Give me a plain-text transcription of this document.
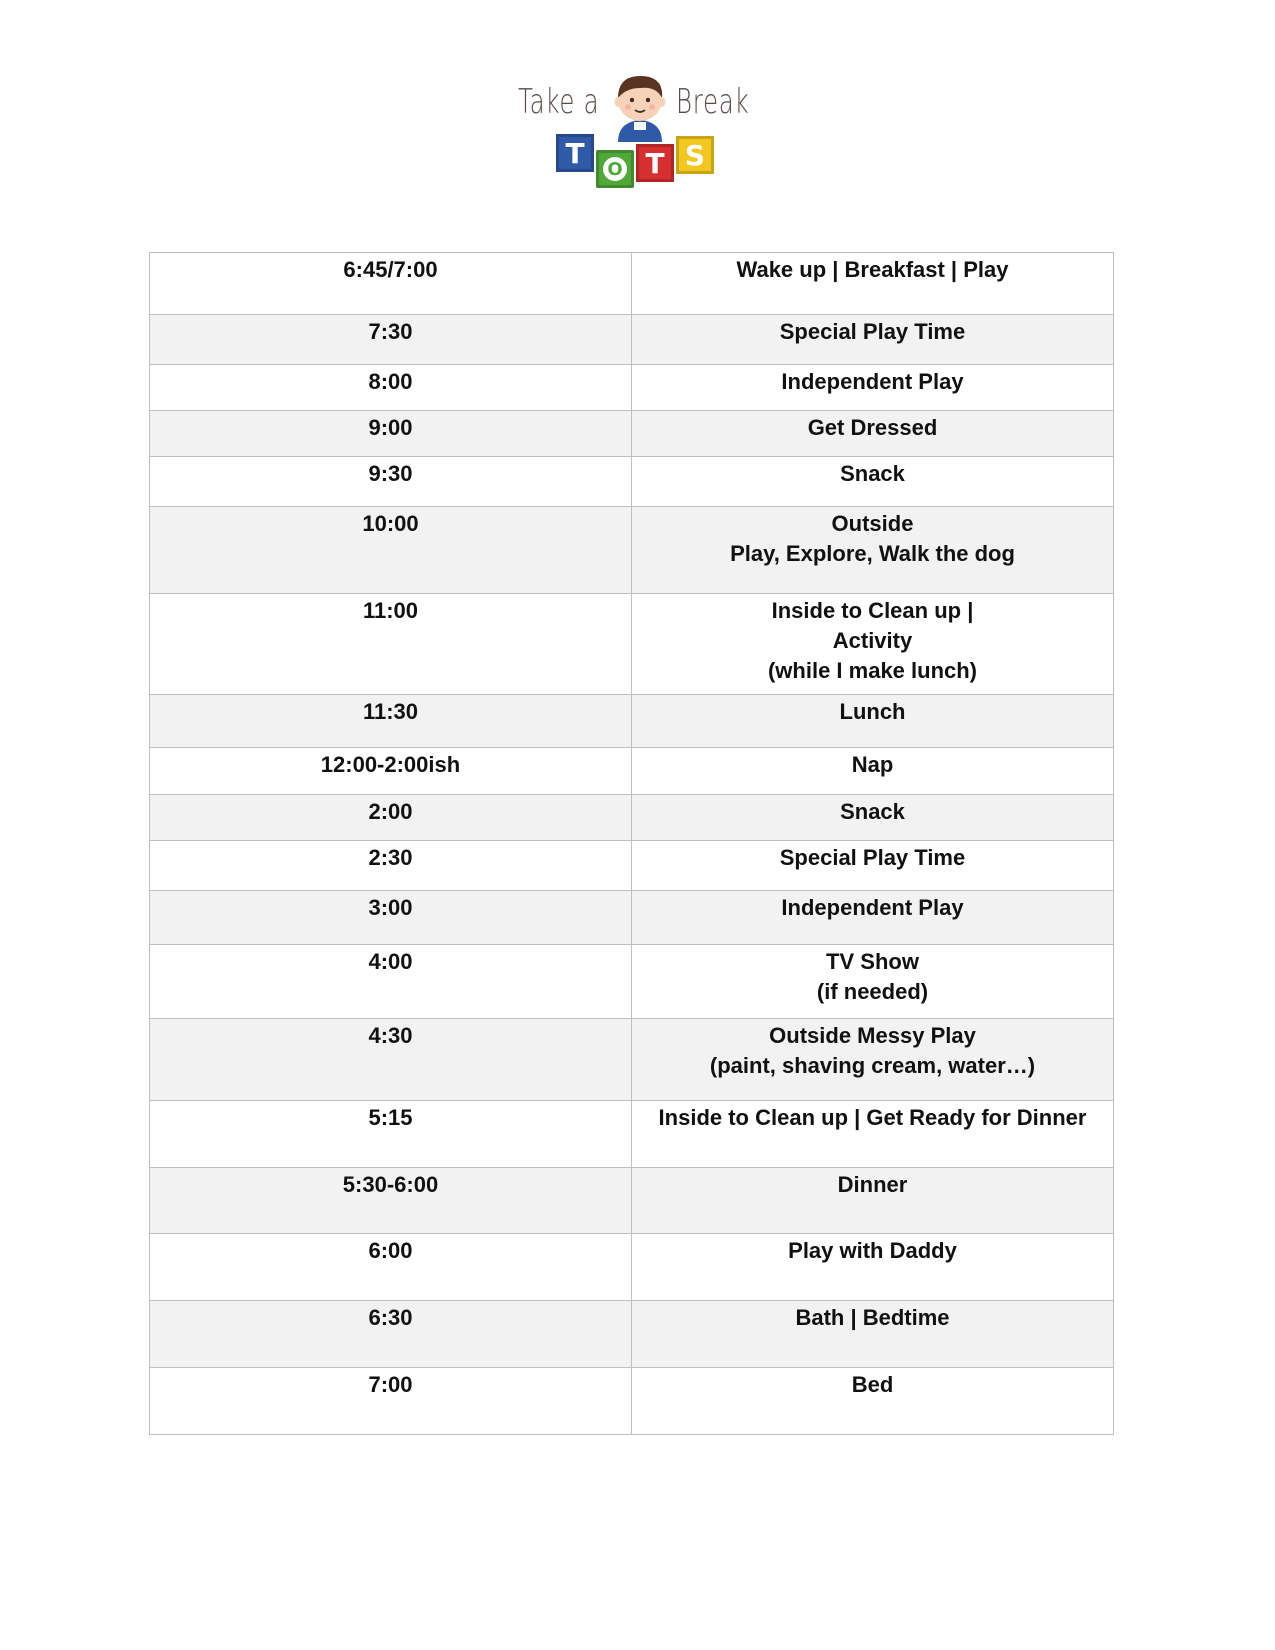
Take a Break
T O T S
6:45/7:00	Wake up | Breakfast | Play

7:30	Special Play Time

8:00	Independent Play

9:00	Get Dressed

9:30	Snack

10:00	Outside
Play, Explore, Walk the dog

11:00	Inside to Clean up |
Activity
(while I make lunch)

11:30	Lunch

12:00-2:00ish	Nap

2:00	Snack

2:30	Special Play Time

3:00	Independent Play

4:00	TV Show
(if needed)

4:30	Outside Messy Play
(paint, shaving cream, water…)

5:15	Inside to Clean up | Get Ready for Dinner

5:30-6:00	Dinner

6:00	Play with Daddy

6:30	Bath | Bedtime

7:00	Bed
